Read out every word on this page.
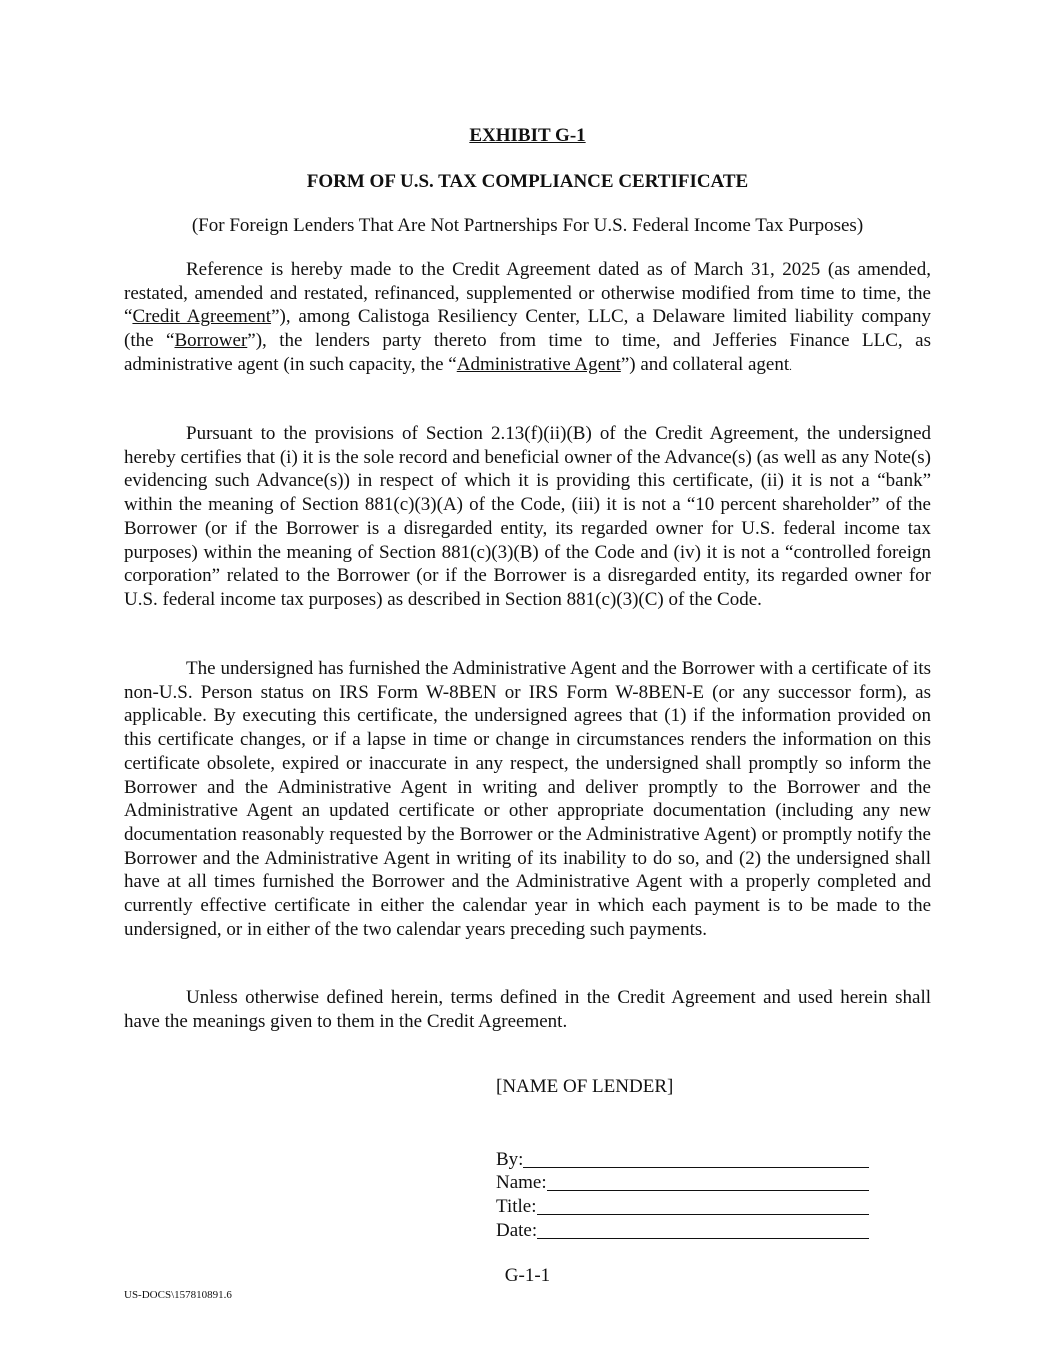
EXHIBIT G-1
FORM OF U.S. TAX COMPLIANCE CERTIFICATE
(For Foreign Lenders That Are Not Partnerships For U.S. Federal Income Tax Purposes)

Reference is hereby made to the Credit Agreement dated as of March 31, 2025 (as amended, restated, amended and restated, refinanced, supplemented or otherwise modified from time to time, the “Credit Agreement”), among Calistoga Resiliency Center, LLC, a Delaware limited liability company (the “Borrower”), the lenders party thereto from time to time, and Jefferies Finance LLC, as administrative agent (in such capacity, the “Administrative Agent”) and collateral agent.

Pursuant to the provisions of Section 2.13(f)(ii)(B) of the Credit Agreement, the undersigned hereby certifies that (i) it is the sole record and beneficial owner of the Advance(s) (as well as any Note(s) evidencing such Advance(s)) in respect of which it is providing this certificate, (ii) it is not a “bank” within the meaning of Section 881(c)(3)(A) of the Code, (iii) it is not a “10 percent shareholder” of the Borrower (or if the Borrower is a disregarded entity, its regarded owner for U.S. federal income tax purposes) within the meaning of Section 881(c)(3)(B) of the Code and (iv) it is not a “controlled foreign corporation” related to the Borrower (or if the Borrower is a disregarded entity, its regarded owner for U.S. federal income tax purposes) as described in Section 881(c)(3)(C) of the Code.

The undersigned has furnished the Administrative Agent and the Borrower with a certificate of its non-U.S. Person status on IRS Form W-8BEN or IRS Form W-8BEN-E (or any successor form), as applicable. By executing this certificate, the undersigned agrees that (1) if the information provided on this certificate changes, or if a lapse in time or change in circumstances renders the information on this certificate obsolete, expired or inaccurate in any respect, the undersigned shall promptly so inform the Borrower and the Administrative Agent in writing and deliver promptly to the Borrower and the Administrative Agent an updated certificate or other appropriate documentation (including any new documentation reasonably requested by the Borrower or the Administrative Agent) or promptly notify the Borrower and the Administrative Agent in writing of its inability to do so, and (2) the undersigned shall have at all times furnished the Borrower and the Administrative Agent with a properly completed and currently effective certificate in either the calendar year in which each payment is to be made to the undersigned, or in either of the two calendar years preceding such payments.

Unless otherwise defined herein, terms defined in the Credit Agreement and used herein shall have the meanings given to them in the Credit Agreement.

[NAME OF LENDER]
By:
Name:
Title:
Date:
G-1-1
US-DOCS\157810891.6
